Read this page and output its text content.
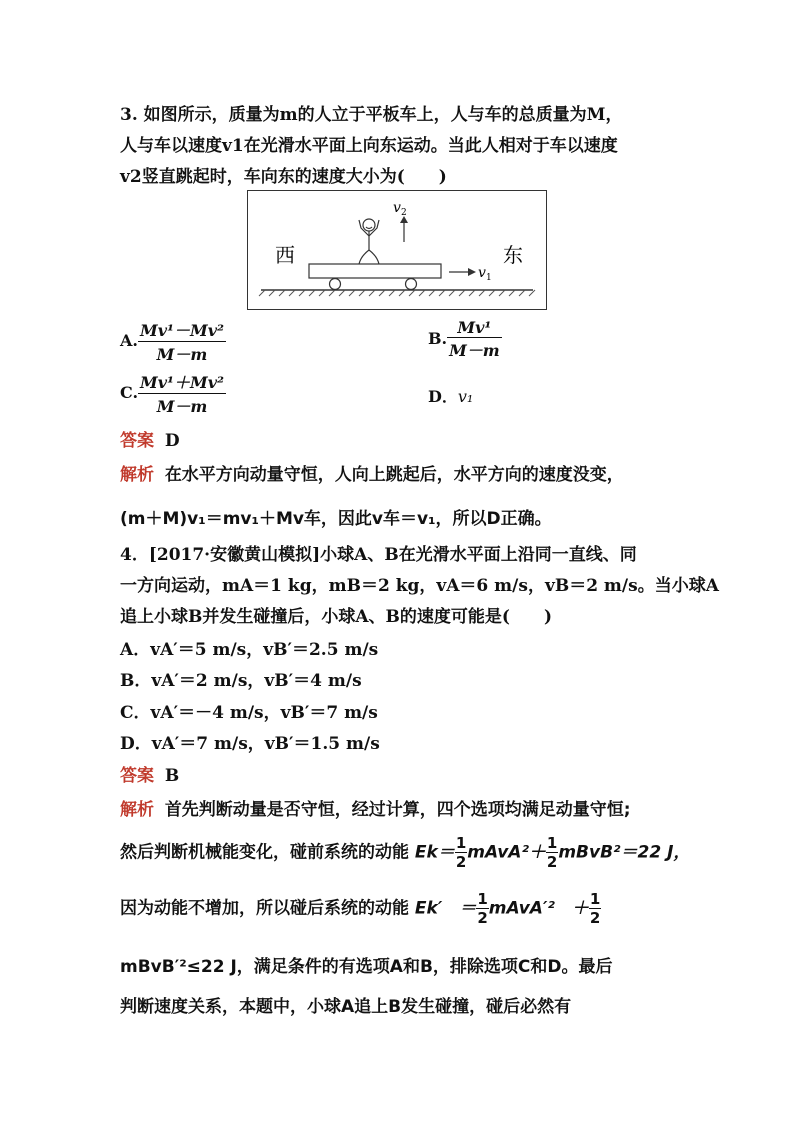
3. 如图所示，质量为m的人立于平板车上，人与车的总质量为M，
人与车以速度v1在光滑水平面上向东运动。当此人相对于车以速度
v2竖直跳起时，车向东的速度大小为(　　)
v 2
v 1
西	东
A. $\frac{\text{Mv¹－Mv²}}{M-m}$	B. $\frac{\text{Mv¹}}{M-m}$
C. $\frac{\text{Mv¹＋Mv²}}{M-m}$	D．v₁
答案 D
解析 在水平方向动量守恒，人向上跳起后，水平方向的速度没变，
(m＋M)v₁＝mv₁＋Mv车，因此v车＝v₁，所以D正确。
4．[2017·安徽黄山模拟]小球A、B在光滑水平面上沿同一直线、同
一方向运动，mA＝1 kg，mB＝2 kg，vA＝6 m/s，vB＝2 m/s。当小球A
追上小球B并发生碰撞后，小球A、B的速度可能是(　　)
A．vA′＝5 m/s，vB′＝2.5 m/s
B．vA′＝2 m/s，vB′＝4 m/s
C．vA′＝－4 m/s，vB′＝7 m/s
D．vA′＝7 m/s，vB′＝1.5 m/s
答案 B
解析 首先判断动量是否守恒，经过计算，四个选项均满足动量守恒;
然后判断机械能变化，碰前系统的动能 $Ek= \frac{1}{2}$ mAvA²＋ $\frac{1}{2}$ mBvB²＝22 J，
因为动能不增加，所以碰后系统的动能 Ek′　＝ $\frac{1}{2}$ mAvA′²　＋ $\frac{1}{2}$
mBvB′²≤22 J，满足条件的有选项A和B，排除选项C和D。最后
判断速度关系，本题中，小球A追上B发生碰撞，碰后必然有
